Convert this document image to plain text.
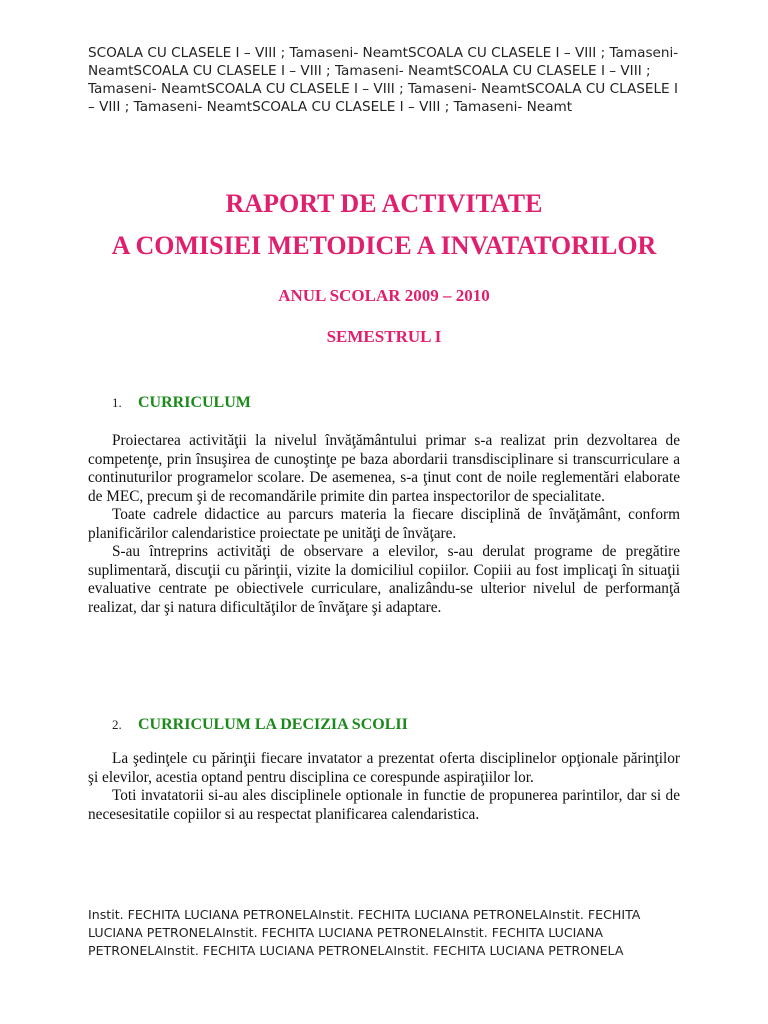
SCOALA CU CLASELE I – VIII ; Tamaseni- NeamtSCOALA CU CLASELE I – VIII ; Tamaseni- NeamtSCOALA CU CLASELE I – VIII ; Tamaseni- NeamtSCOALA CU CLASELE I – VIII ; Tamaseni- NeamtSCOALA CU CLASELE I – VIII ; Tamaseni- NeamtSCOALA CU CLASELE I – VIII ; Tamaseni- NeamtSCOALA CU CLASELE I – VIII ; Tamaseni- Neamt
RAPORT DE ACTIVITATE
A COMISIEI METODICE A INVATATORILOR
ANUL SCOLAR 2009 – 2010
SEMESTRUL I
1. CURRICULUM

Proiectarea activităţii la nivelul învăţământului primar s-a realizat prin dezvoltarea de competenţe, prin însuşirea de cunoştinţe pe baza abordarii transdisciplinare si transcurriculare a continuturilor programelor scolare. De asemenea, s-a ţinut cont de noile reglementări elaborate de MEC, precum şi de recomandările primite din partea inspectorilor de specialitate.

Toate cadrele didactice au parcurs materia la fiecare disciplină de învăţământ, conform planificărilor calendaristice proiectate pe unităţi de învăţare.

S-au întreprins activităţi de observare a elevilor, s-au derulat programe de pregătire suplimentară, discuţii cu părinţii, vizite la domiciliul copiilor. Copiii au fost implicaţi în situaţii evaluative centrate pe obiectivele curriculare, analizându-se ulterior nivelul de performanţă realizat, dar şi natura dificultăţilor de învăţare şi adaptare.

2. CURRICULUM LA DECIZIA SCOLII

La şedinţele cu părinţii fiecare invatator a prezentat oferta disciplinelor opţionale părinţilor şi elevilor, acestia optand pentru disciplina ce corespunde aspiraţiilor lor.

Toti invatatorii si-au ales disciplinele optionale in functie de propunerea parintilor, dar si de necesesitatile copiilor si au respectat planificarea calendaristica.

Instit. FECHITA LUCIANA PETRONELAInstit. FECHITA LUCIANA PETRONELAInstit. FECHITA LUCIANA PETRONELAInstit. FECHITA LUCIANA PETRONELAInstit. FECHITA LUCIANA PETRONELAInstit. FECHITA LUCIANA PETRONELAInstit. FECHITA LUCIANA PETRONELA
